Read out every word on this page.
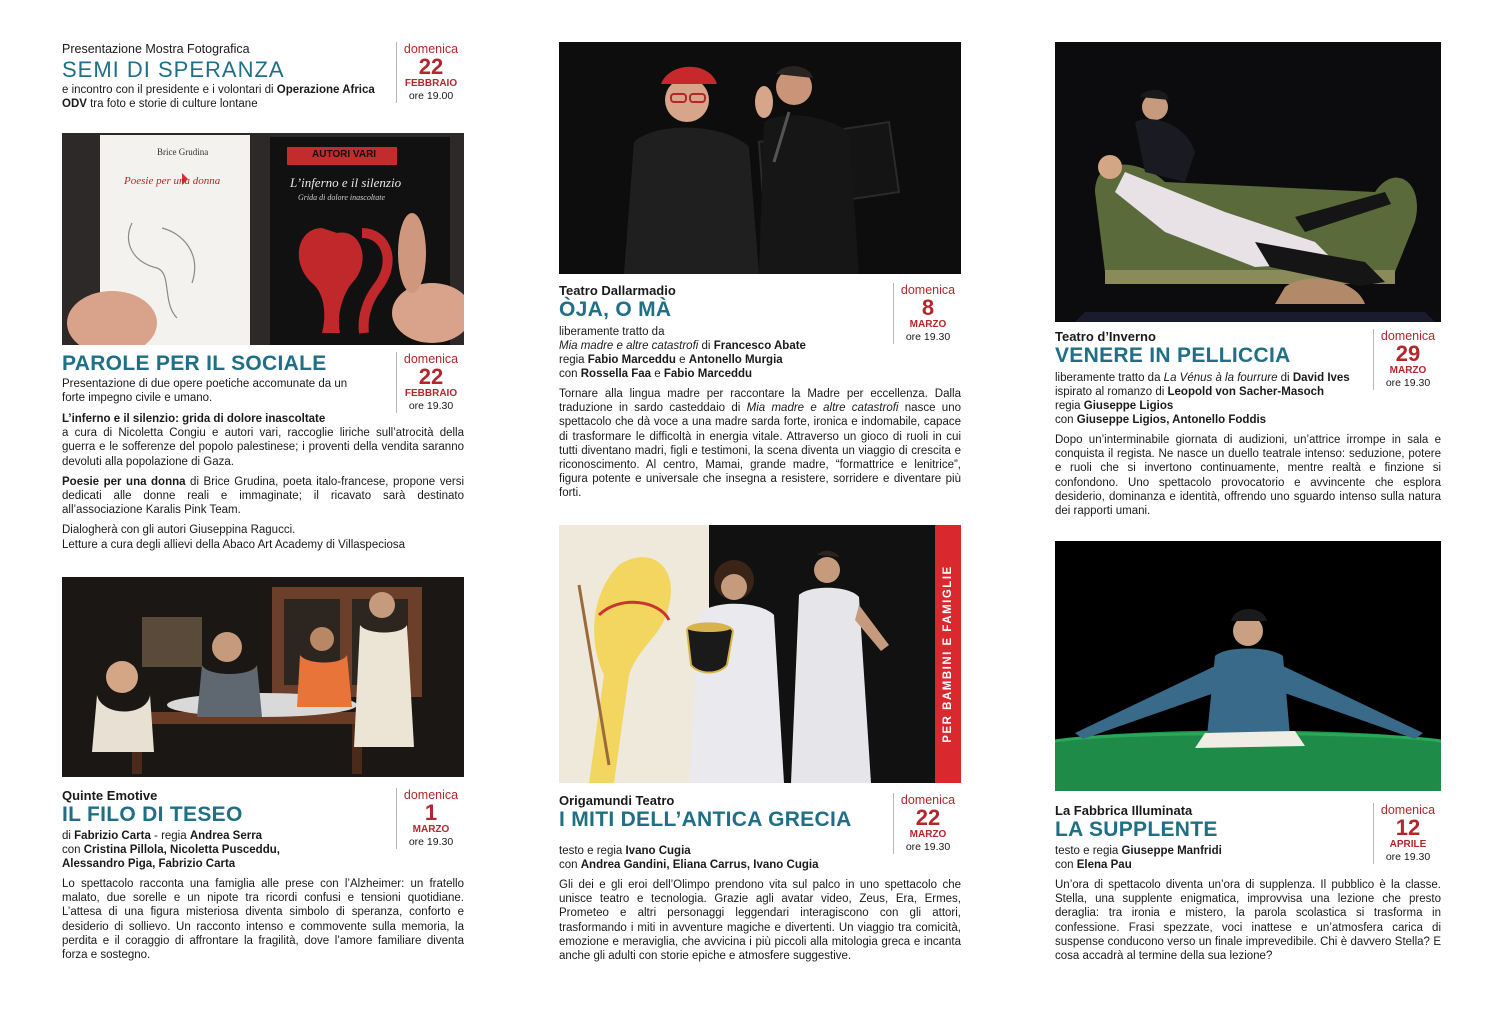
Presentazione Mostra Fotografica
SEMI DI SPERANZA
e incontro con il presidente e i volontari di Operazione Africa ODV tra foto e storie di culture lontane
domenica
22
FEBBRAIO
ore 19.00
Brice Grudina
Poesie per una donna
AUTORI VARI
L’inferno e il silenzio
Grida di dolore inascoltate
PAROLE PER IL SOCIALE
Presentazione di due opere poetiche accomunate da un forte impegno civile e umano.
L’inferno e il silenzio: grida di dolore inascoltate
a cura di Nicoletta Congiu e autori vari, raccoglie liriche sull’atrocità della guerra e le sofferenze del popolo palestinese; i proventi della vendita saranno devoluti alla popolazione di Gaza.
Poesie per una donna di Brice Grudina, poeta italo-francese, propone versi dedicati alle donne reali e immaginate; il ricavato sarà destinato all’associazione Karalis Pink Team.
Dialogherà con gli autori Giuseppina Ragucci.
Letture a cura degli allievi della Abaco Art Academy di Villaspeciosa
domenica
22
FEBBRAIO
ore 19.30
Quinte Emotive
IL FILO DI TESEO
di Fabrizio Carta - regia Andrea Serra
con Cristina Pillola, Nicoletta Pusceddu,
Alessandro Piga, Fabrizio Carta
Lo spettacolo racconta una famiglia alle prese con l’Alzheimer: un fratello malato, due sorelle e un nipote tra ricordi confusi e tensioni quotidiane. L’attesa di una figura misteriosa diventa simbolo di speranza, conforto e desiderio di sollievo. Un racconto intenso e commovente sulla memoria, la perdita e il coraggio di affrontare la fragilità, dove l’amore familiare diventa forza e sostegno.
domenica
1
MARZO
ore 19.30
Teatro Dallarmadio
ÒJA, O MÀ
liberamente tratto da
Mia madre e altre catastrofi di Francesco Abate
regia Fabio Marceddu e Antonello Murgia
con Rossella Faa e Fabio Marceddu
Tornare alla lingua madre per raccontare la Madre per eccellenza. Dalla traduzione in sardo casteddaio di Mia madre e altre catastrofi nasce uno spettacolo che dà voce a una madre sarda forte, ironica e indomabile, capace di trasformare le difficoltà in energia vitale. Attraverso un gioco di ruoli in cui tutti diventano madri, figli e testimoni, la scena diventa un viaggio di crescita e riconoscimento. Al centro, Mamai, grande madre, “formattrice e lenitrice”, figura potente e universale che insegna a resistere, sorridere e diventare più forti.
domenica
8
MARZO
ore 19.30
PER BAMBINI E FAMIGLIE
Origamundi Teatro
I MITI DELL’ANTICA GRECIA
testo e regia Ivano Cugia
con Andrea Gandini, Eliana Carrus, Ivano Cugia
Gli dei e gli eroi dell’Olimpo prendono vita sul palco in uno spettacolo che unisce teatro e tecnologia. Grazie agli avatar video, Zeus, Era, Ermes, Prometeo e altri personaggi leggendari interagiscono con gli attori, trasformando i miti in avventure magiche e divertenti. Un viaggio tra comicità, emozione e meraviglia, che avvicina i più piccoli alla mitologia greca e incanta anche gli adulti con storie epiche e atmosfere suggestive.
domenica
22
MARZO
ore 19.30
Teatro d’Inverno
VENERE IN PELLICCIA
liberamente tratto da La Vénus à la fourrure di David Ives
ispirato al romanzo di Leopold von Sacher-Masoch
regia Giuseppe Ligios
con Giuseppe Ligios, Antonello Foddis
Dopo un’interminabile giornata di audizioni, un’attrice irrompe in sala e conquista il regista. Ne nasce un duello teatrale intenso: seduzione, potere e ruoli che si invertono continuamente, mentre realtà e finzione si confondono. Uno spettacolo provocatorio e avvincente che esplora desiderio, dominanza e identità, offrendo uno sguardo intenso sulla natura dei rapporti umani.
domenica
29
MARZO
ore 19.30
La Fabbrica Illuminata
LA SUPPLENTE
testo e regia Giuseppe Manfridi
con Elena Pau
Un’ora di spettacolo diventa un’ora di supplenza. Il pubblico è la classe. Stella, una supplente enigmatica, improvvisa una lezione che presto deraglia: tra ironia e mistero, la parola scolastica si trasforma in confessione. Frasi spezzate, voci inattese e un’atmosfera carica di suspense conducono verso un finale imprevedibile. Chi è davvero Stella? E cosa accadrà al termine della sua lezione?
domenica
12
APRILE
ore 19.30
